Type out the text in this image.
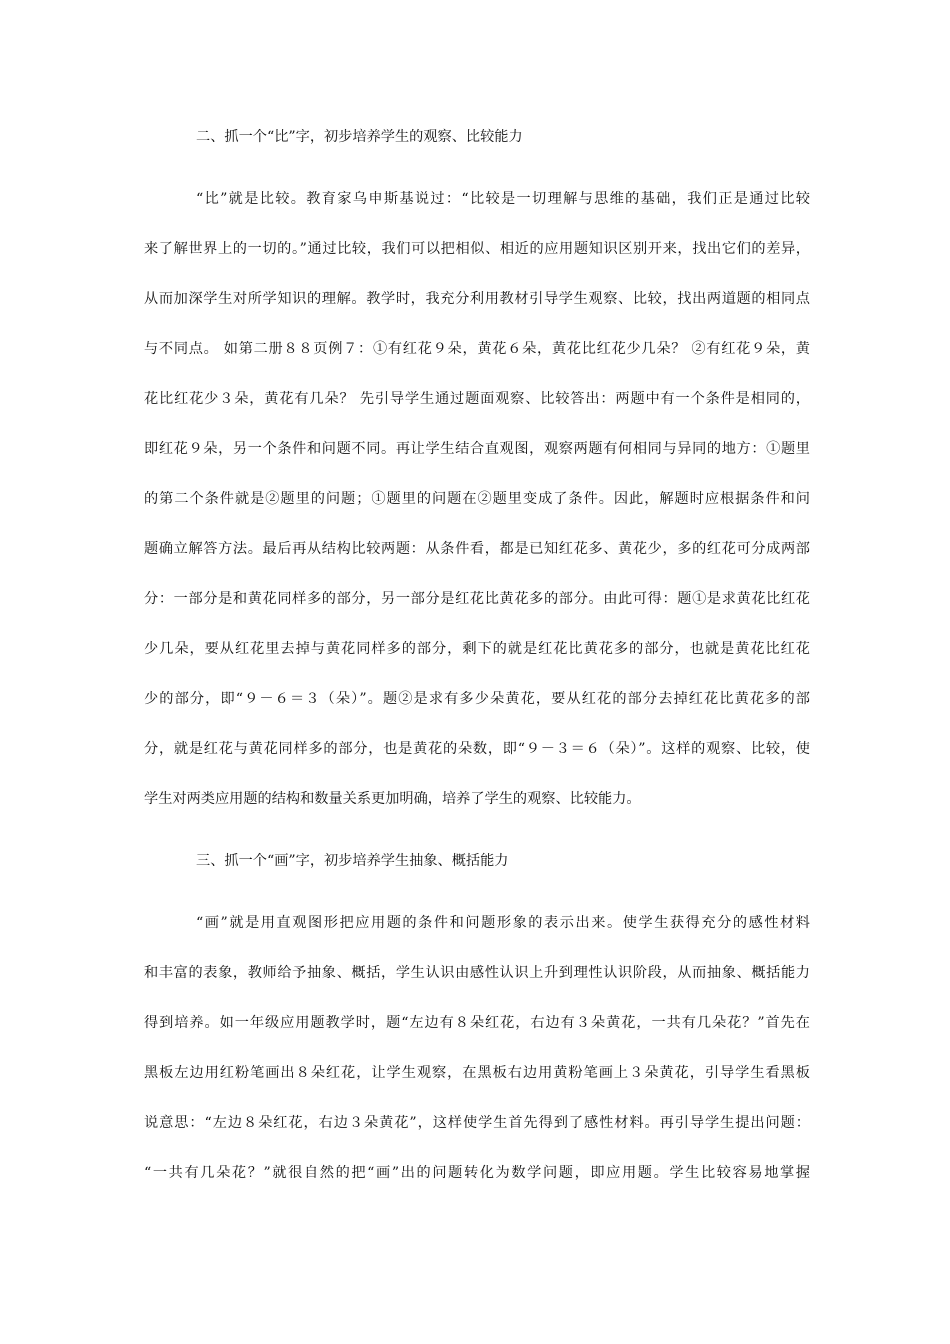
二、抓一个“比”字，初步培养学生的观察、比较能力
“比”就是比较。教育家乌申斯基说过：“比较是一切理解与思维的基础，我们正是通过比较
来了解世界上的一切的。”通过比较，我们可以把相似、相近的应用题知识区别开来，找出它们的差异，
从而加深学生对所学知识的理解。教学时，我充分利用教材引导学生观察、比较，找出两道题的相同点
与不同点。 如第二册８８页例７：①有红花９朵，黄花６朵，黄花比红花少几朵？ ②有红花９朵，黄
花比红花少３朵，黄花有几朵？ 先引导学生通过题面观察、比较答出：两题中有一个条件是相同的，
即红花９朵，另一个条件和问题不同。再让学生结合直观图，观察两题有何相同与异同的地方：①题里
的第二个条件就是②题里的问题；①题里的问题在②题里变成了条件。因此，解题时应根据条件和问
题确立解答方法。最后再从结构比较两题：从条件看，都是已知红花多、黄花少，多的红花可分成两部
分：一部分是和黄花同样多的部分，另一部分是红花比黄花多的部分。由此可得：题①是求黄花比红花
少几朵，要从红花里去掉与黄花同样多的部分，剩下的就是红花比黄花多的部分，也就是黄花比红花
少的部分，即“９－６＝３（朵）”。题②是求有多少朵黄花，要从红花的部分去掉红花比黄花多的部
分，就是红花与黄花同样多的部分，也是黄花的朵数，即“９－３＝６（朵）”。这样的观察、比较，使
学生对两类应用题的结构和数量关系更加明确，培养了学生的观察、比较能力。
三、抓一个“画”字，初步培养学生抽象、概括能力
“画”就是用直观图形把应用题的条件和问题形象的表示出来。使学生获得充分的感性材料
和丰富的表象，教师给予抽象、概括，学生认识由感性认识上升到理性认识阶段，从而抽象、概括能力
得到培养。如一年级应用题教学时，题“左边有８朵红花，右边有３朵黄花，一共有几朵花？”首先在
黑板左边用红粉笔画出８朵红花，让学生观察，在黑板右边用黄粉笔画上３朵黄花，引导学生看黑板
说意思：“左边８朵红花，右边３朵黄花”，这样使学生首先得到了感性材料。再引导学生提出问题：
“一共有几朵花？”就很自然的把“画”出的问题转化为数学问题，即应用题。学生比较容易地掌握
